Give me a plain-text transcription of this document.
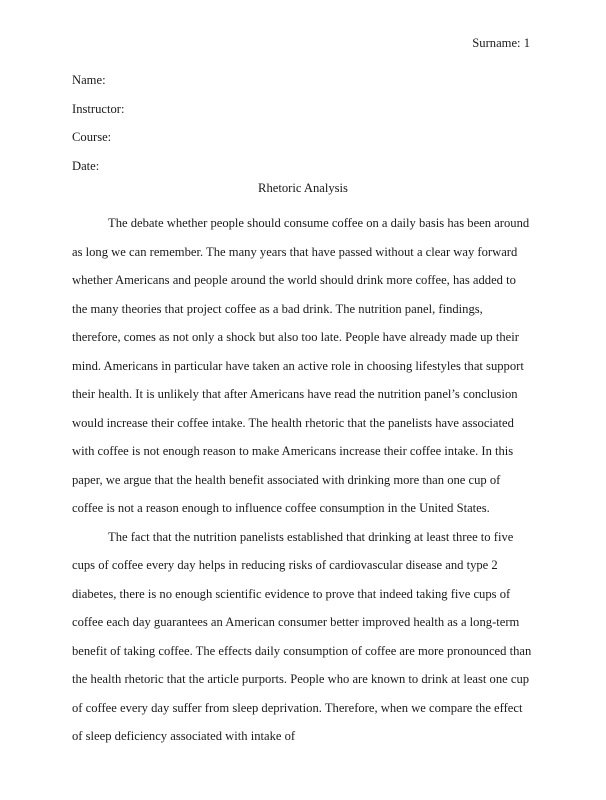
Surname: 1
Name:
Instructor:
Course:
Date:
Rhetoric Analysis

The debate whether people should consume coffee on a daily basis has been around as long we can remember. The many years that have passed without a clear way forward whether Americans and people around the world should drink more coffee, has added to the many theories that project coffee as a bad drink. The nutrition panel, findings, therefore, comes as not only a shock but also too late. People have already made up their mind. Americans in particular have taken an active role in choosing lifestyles that support their health. It is unlikely that after Americans have read the nutrition panel’s conclusion would increase their coffee intake. The health rhetoric that the panelists have associated with coffee is not enough reason to make Americans increase their coffee intake. In this paper, we argue that the health benefit associated with drinking more than one cup of coffee is not a reason enough to influence coffee consumption in the United States.

The fact that the nutrition panelists established that drinking at least three to five cups of coffee every day helps in reducing risks of cardiovascular disease and type 2 diabetes, there is no enough scientific evidence to prove that indeed taking five cups of coffee each day guarantees an American consumer better improved health as a long-term benefit of taking coffee. The effects daily consumption of coffee are more pronounced than the health rhetoric that the article purports. People who are known to drink at least one cup of coffee every day suffer from sleep deprivation. Therefore, when we compare the effect of sleep deficiency associated with intake of
